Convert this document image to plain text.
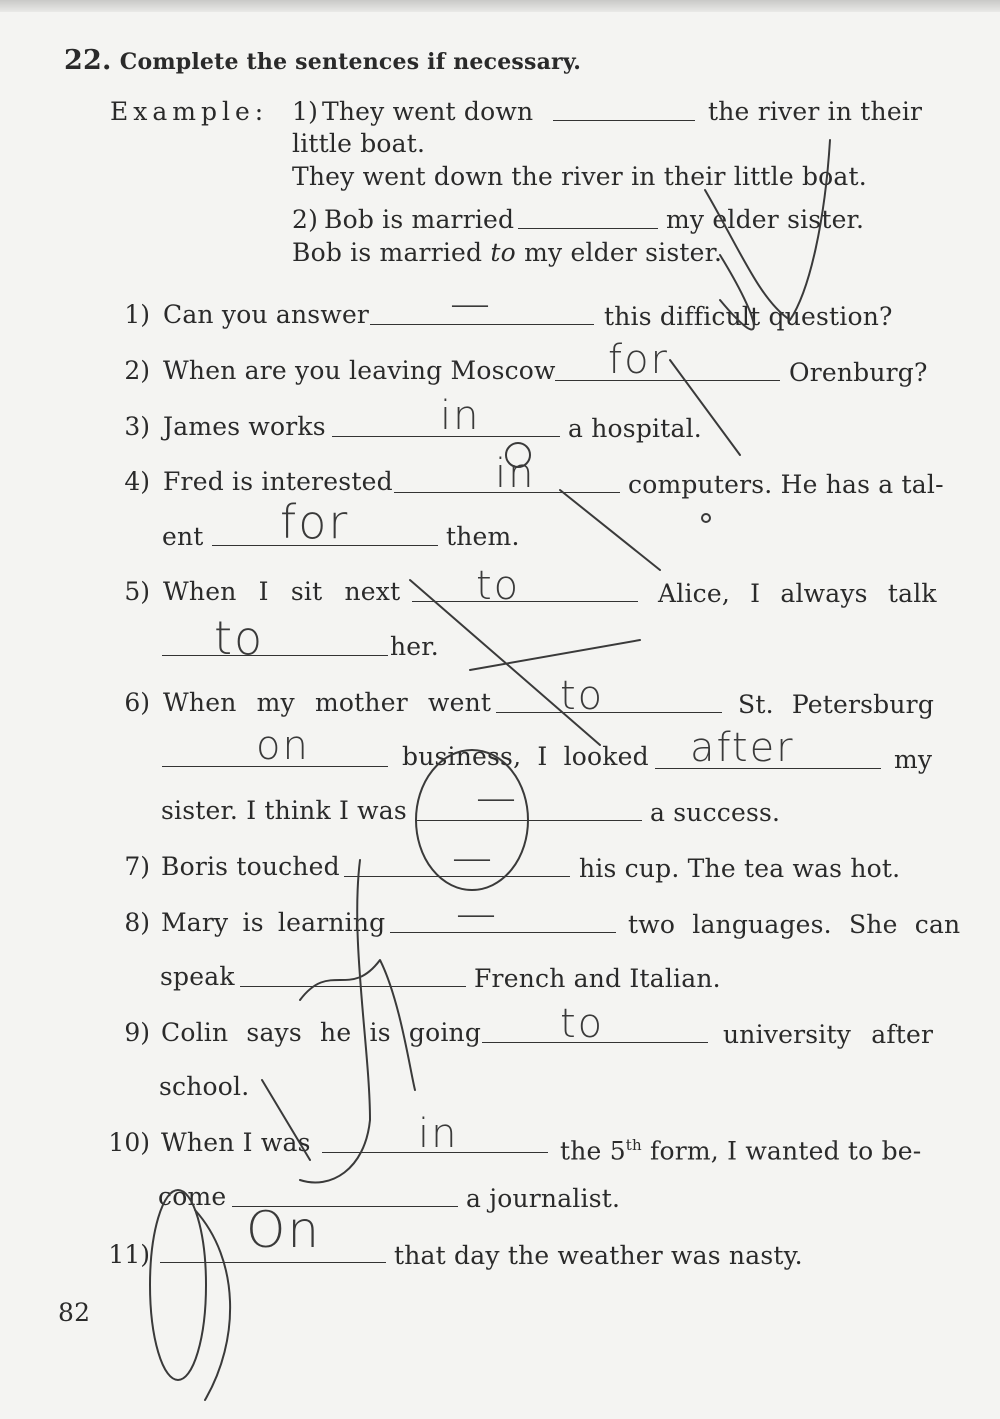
22. Complete the sentences if necessary.
Example: 1) They went down	the river in their
little boat.
They went down the river in their little boat.
2) Bob is married	my elder sister.
Bob is married to my elder sister.
1) Can you answer —	this difficult question?
2) When are you leaving Moscow for	Orenburg?
3) James works	in	a hospital.
4) Fred is interested	in	computers. He has a tal-
ent for	them.
5) When I sit next to	Alice, I always talk
to	her.
6) When my mother went to	St. Petersburg
on	business, I looked after	my
sister. I think I was —	a success.
7) Boris touched	—	his cup. The tea was hot.
8) Mary is learning —	two languages. She can
speak	French and Italian.
9) Colin says he is going to	university after
school.
10) When I was	in	the 5th form, I wanted to be-
come	a journalist.
11) On	that day the weather was nasty.
82
